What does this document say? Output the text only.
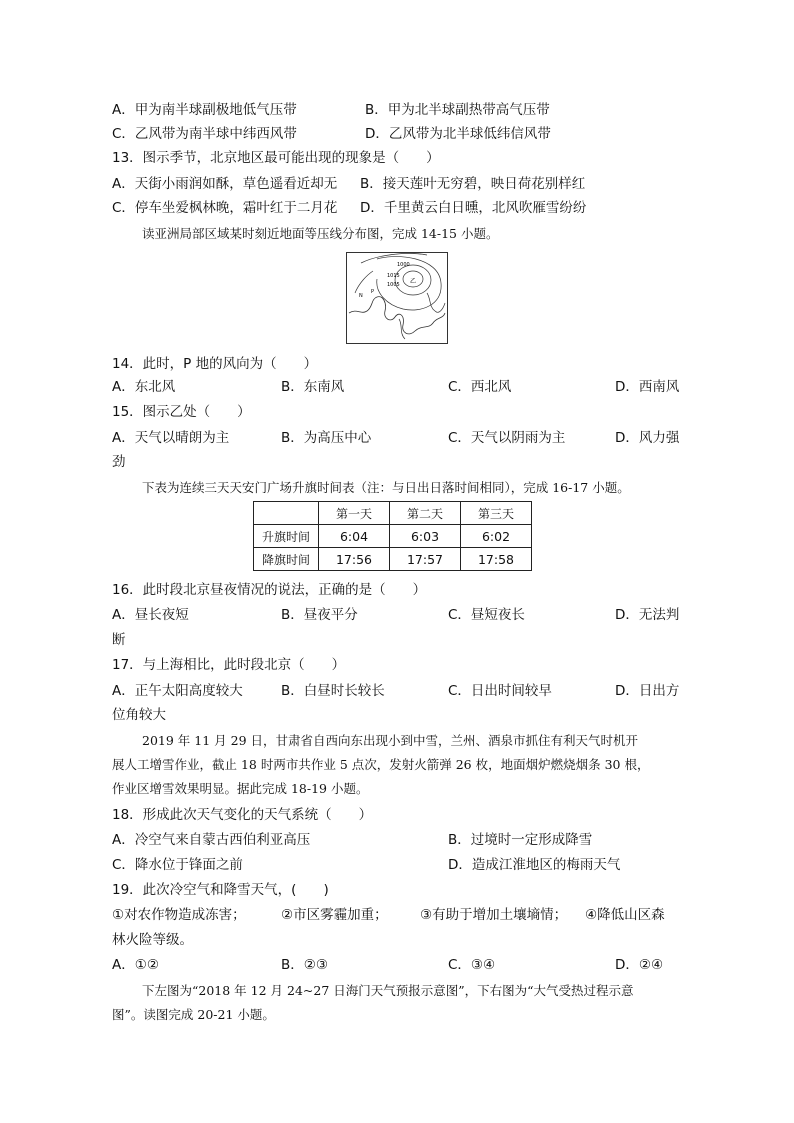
A．甲为南半球副极地低气压带	B．甲为北半球副热带高气压带
C．乙风带为南半球中纬西风带	D．乙风带为北半球低纬信风带
13．图示季节，北京地区最可能出现的现象是（　　）
A．天街小雨润如酥，草色遥看近却无 B．接天莲叶无穷碧，映日荷花别样红
C．停车坐爱枫林晚，霜叶红于二月花 D．千里黄云白日曛，北风吹雁雪纷纷
读亚洲局部区域某时刻近地面等压线分布图，完成 14-15 小题。
1000
1015
1005 乙
P
N
14．此时，P 地的风向为（　　）
A．东北风	B．东南风	C．西北风	D．西南风
15．图示乙处（　　）
A．天气以晴朗为主	B．为高压中心	C．天气以阴雨为主	D．风力强
劲
下表为连续三天天安门广场升旗时间表（注：与日出日落时间相同），完成 16-17 小题。
	第一天	第二天	第三天
升旗时间	6:04	6:03	6:02
降旗时间	17:56	17:57	17:58
16．此时段北京昼夜情况的说法，正确的是（　　）
A．昼长夜短	B．昼夜平分	C．昼短夜长	D．无法判
断
17．与上海相比，此时段北京（　　）
A．正午太阳高度较大	B．白昼时长较长	C．日出时间较早	D．日出方
位角较大
2019 年 11 月 29 日，甘肃省自西向东出现小到中雪，兰州、酒泉市抓住有利天气时机开
展人工增雪作业，截止 18 时两市共作业 5 点次，发射火箭弹 26 枚，地面烟炉燃烧烟条 30 根，
作业区增雪效果明显。据此完成 18-19 小题。
18．形成此次天气变化的天气系统（　　）
A．冷空气来自蒙古西伯利亚高压	B．过境时一定形成降雪
C．降水位于锋面之前	D．造成江淮地区的梅雨天气
19．此次冷空气和降雪天气，(　　)
①对农作物造成冻害；	②市区雾霾加重； ③有助于增加土壤墒情； ④降低山区森
林火险等级。
A．①②	B．②③	C．③④	D．②④
下左图为“2018 年 12 月 24~27 日海门天气预报示意图”，下右图为“大气受热过程示意
图”。读图完成 20-21 小题。
